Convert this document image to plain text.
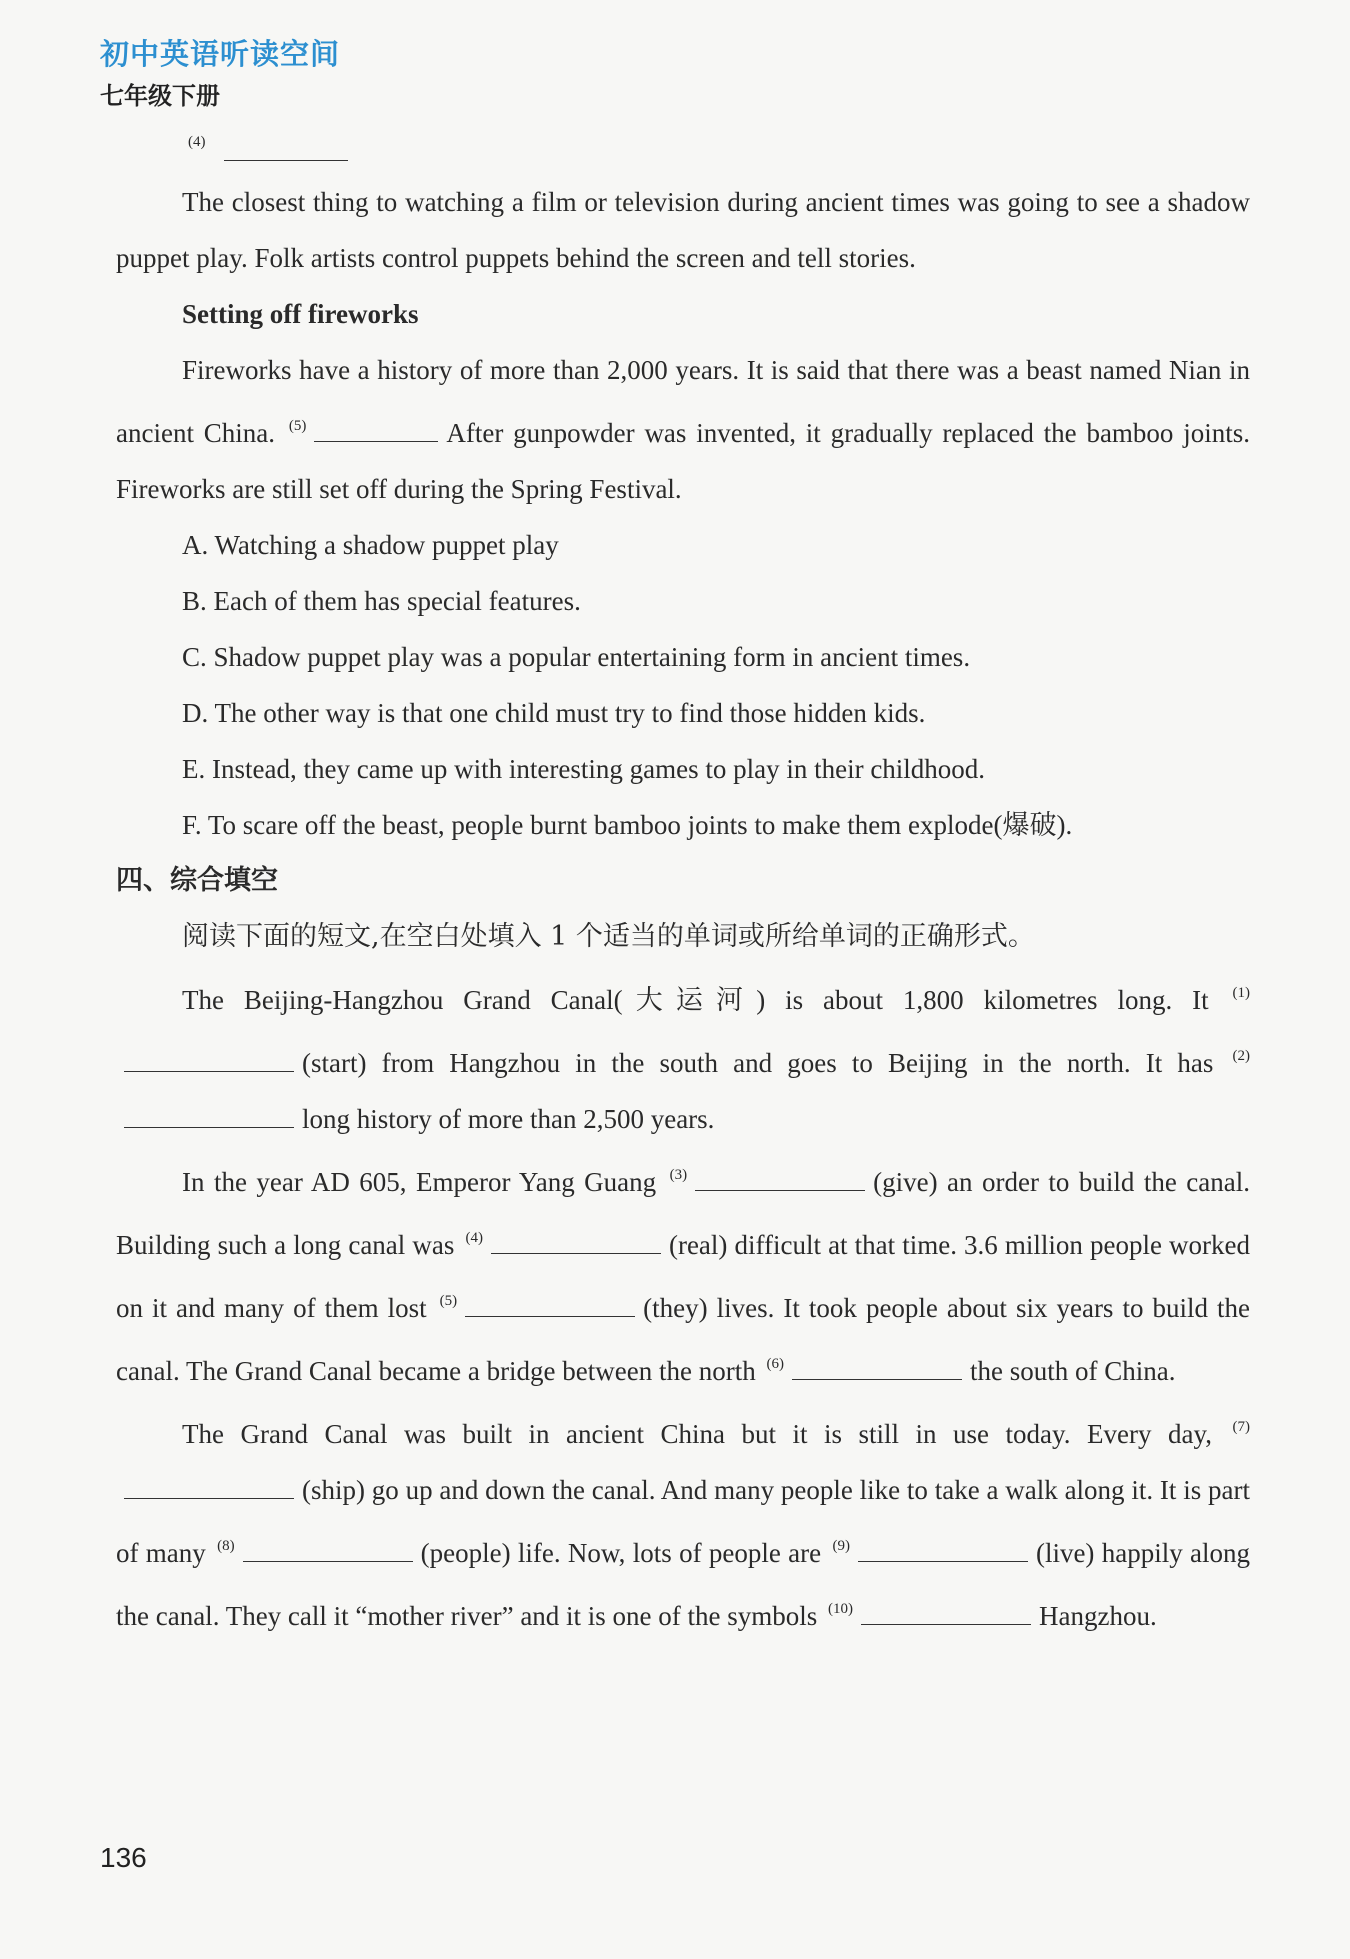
初中英语听读空间
七年级下册
(4)

The closest thing to watching a film or television during ancient times was going to see a shadow puppet play. Folk artists control puppets behind the screen and tell stories.

Setting off fireworks

Fireworks have a history of more than 2,000 years. It is said that there was a beast named Nian in ancient China. $^{(5)}$	After gunpowder was invented, it gradually replaced the bamboo joints. Fireworks are still set off during the Spring Festival.

A. Watching a shadow puppet play

B. Each of them has special features.

C. Shadow puppet play was a popular entertaining form in ancient times.

D. The other way is that one child must try to find those hidden kids.

E. Instead, they came up with interesting games to play in their childhood.

F. To scare off the beast, people burnt bamboo joints to make them explode(爆破).

四、综合填空

阅读下面的短文,在空白处填入 1 个适当的单词或所给单词的正确形式。

The Beijing-Hangzhou Grand Canal(大运河) is about 1,800 kilometres long. It $^{(1)}$(start) from Hangzhou in the south and goes to Beijing in the north. It has $^{(2)}$long history of more than 2,500 years.

In the year AD 605, Emperor Yang Guang $^{(3)}$	(give) an order to build the canal. Building such a long canal was $^{(4)}$	(real) difficult at that time. 3.6 million people worked on it and many of them lost $^{(5)}$	(they) lives. It took people about six years to build the canal. The Grand Canal became a bridge between the north $^{(6)}$	the south of China.

The Grand Canal was built in ancient China but it is still in use today. Every day, $^{(7)}$(ship) go up and down the canal. And many people like to take a walk along it. It is part of many $^{(8)}$	(people) life. Now, lots of people are $^{(9)}$	(live) happily along the canal. They call it “mother river” and it is one of the symbols $^{(10)}$	Hangzhou.

136
